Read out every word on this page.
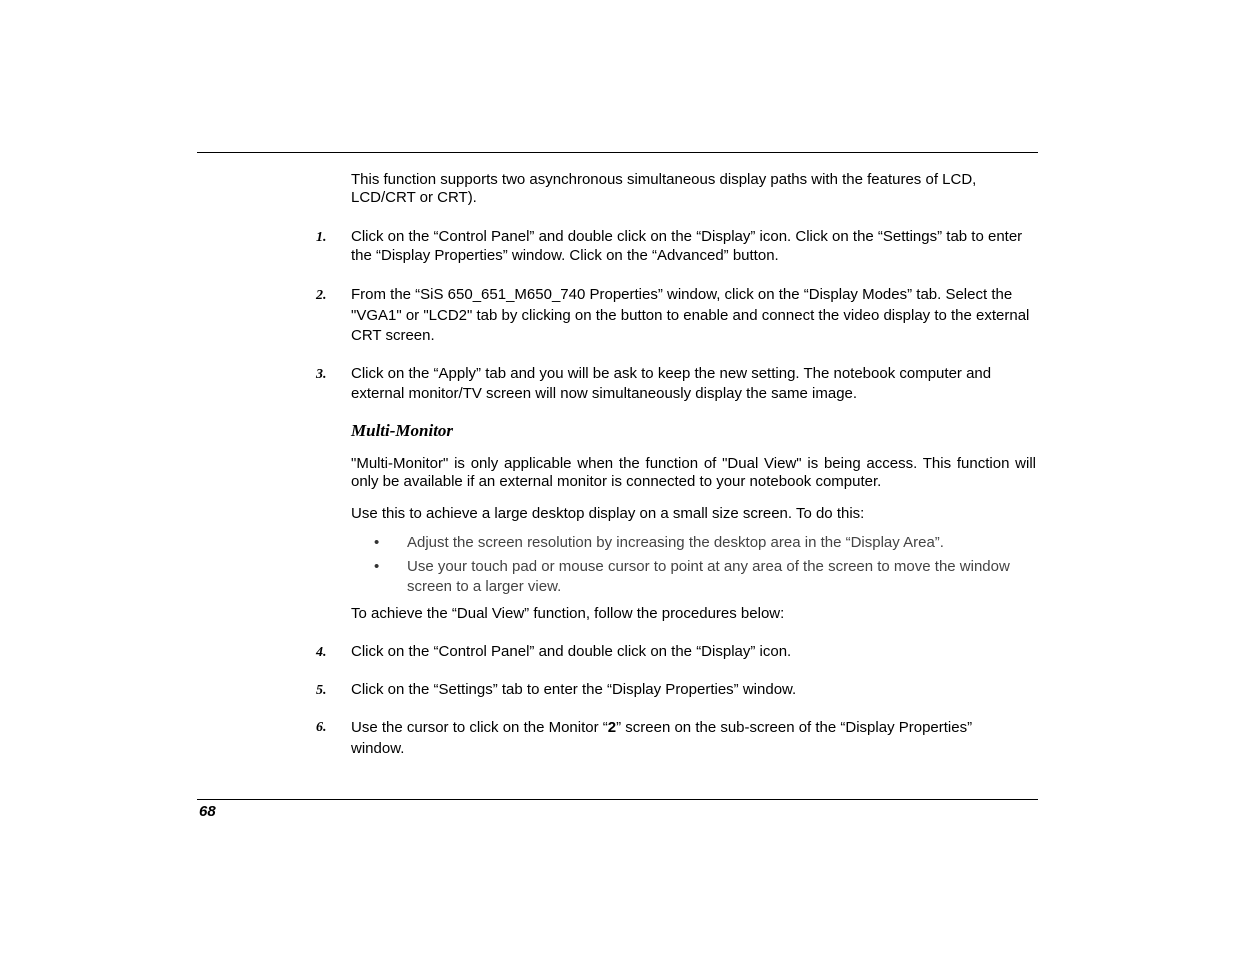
This function supports two asynchronous simultaneous display paths with the features of LCD, LCD/CRT or CRT).
1. Click on the “Control Panel” and double click on the “Display” icon. Click on the “Settings” tab to enter the “Display Properties” window. Click on the “Advanced” button.
2. From the “SiS 650_651_M650_740 Properties” window, click on the “Display Modes” tab. Select the "VGA1" or "LCD2" tab by clicking on the button to enable and connect the video display to the external CRT screen.
3. Click on the “Apply” tab and you will be ask to keep the new setting. The notebook computer and external monitor/TV screen will now simultaneously display the same image.
Multi-Monitor
"Multi-Monitor" is only applicable when the function of "Dual View" is being access. This function will only be available if an external monitor is connected to your notebook computer.
Use this to achieve a large desktop display on a small size screen. To do this:
• Adjust the screen resolution by increasing the desktop area in the “Display Area”.
• Use your touch pad or mouse cursor to point at any area of the screen to move the window screen to a larger view.
To achieve the “Dual View” function, follow the procedures below:
4. Click on the “Control Panel” and double click on the “Display” icon.
5. Click on the “Settings” tab to enter the “Display Properties” window.
6. Use the cursor to click on the Monitor “2” screen on the sub-screen of the “Display Properties” window.
68
